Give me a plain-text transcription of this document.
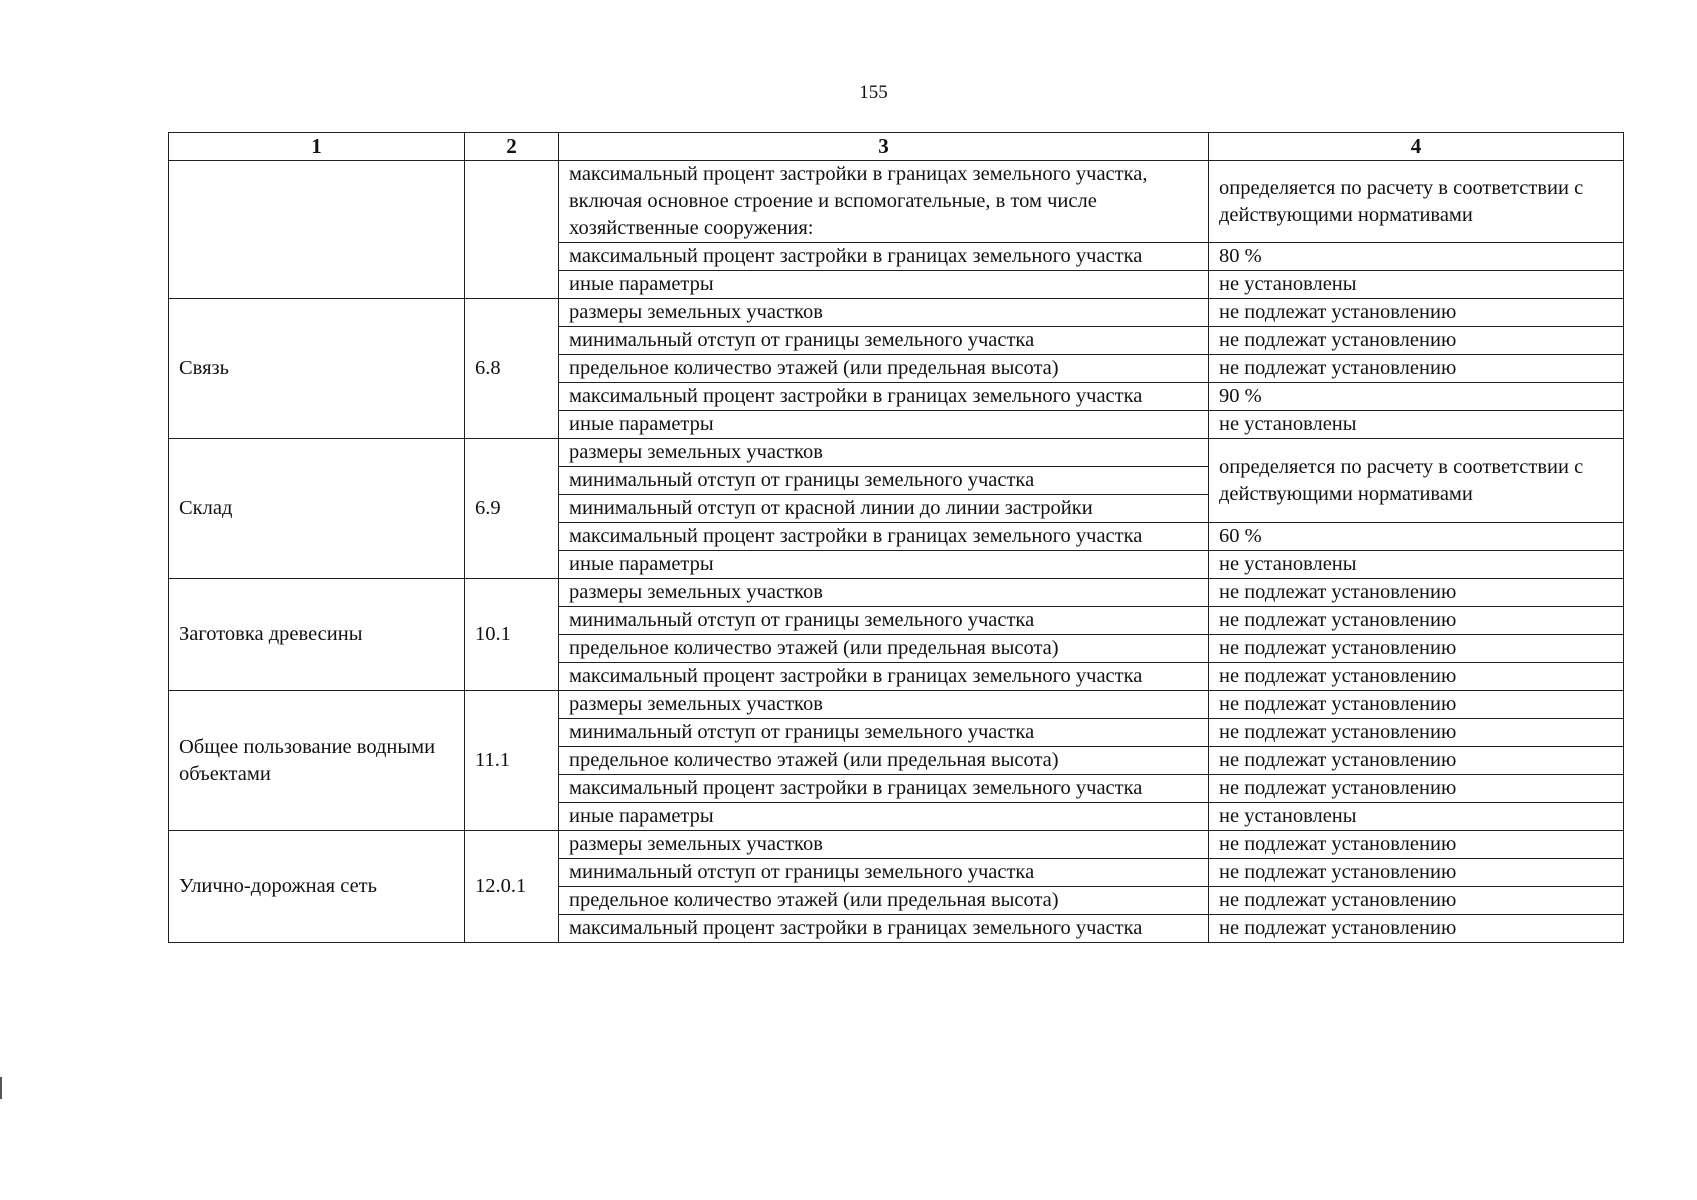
155
1	2	3	4
		максимальный процент застройки в границах земельного участка, включая основное строение и вспомогательные, в том числе хозяйственные сооружения:	определяется по расчету в соответствии с действующими нормативами
		максимальный процент застройки в границах земельного участка	80 %
		иные параметры	не установлены
Связь	6.8	размеры земельных участков	не подлежат установлению
		минимальный отступ от границы земельного участка	не подлежат установлению
		предельное количество этажей (или предельная высота)	не подлежат установлению
		максимальный процент застройки в границах земельного участка	90 %
		иные параметры	не установлены
Склад	6.9	размеры земельных участков	определяется по расчету в соответствии с действующими нормативами
		минимальный отступ от границы земельного участка	
		минимальный отступ от красной линии до линии застройки	
		максимальный процент застройки в границах земельного участка	60 %
		иные параметры	не установлены
Заготовка древесины	10.1	размеры земельных участков	не подлежат установлению
		минимальный отступ от границы земельного участка	не подлежат установлению
		предельное количество этажей (или предельная высота)	не подлежат установлению
		максимальный процент застройки в границах земельного участка	не подлежат установлению
Общее пользование водными объектами	11.1	размеры земельных участков	не подлежат установлению
		минимальный отступ от границы земельного участка	не подлежат установлению
		предельное количество этажей (или предельная высота)	не подлежат установлению
		максимальный процент застройки в границах земельного участка	не подлежат установлению
		иные параметры	не установлены
Улично-дорожная сеть	12.0.1	размеры земельных участков	не подлежат установлению
		минимальный отступ от границы земельного участка	не подлежат установлению
		предельное количество этажей (или предельная высота)	не подлежат установлению
		максимальный процент застройки в границах земельного участка	не подлежат установлению
